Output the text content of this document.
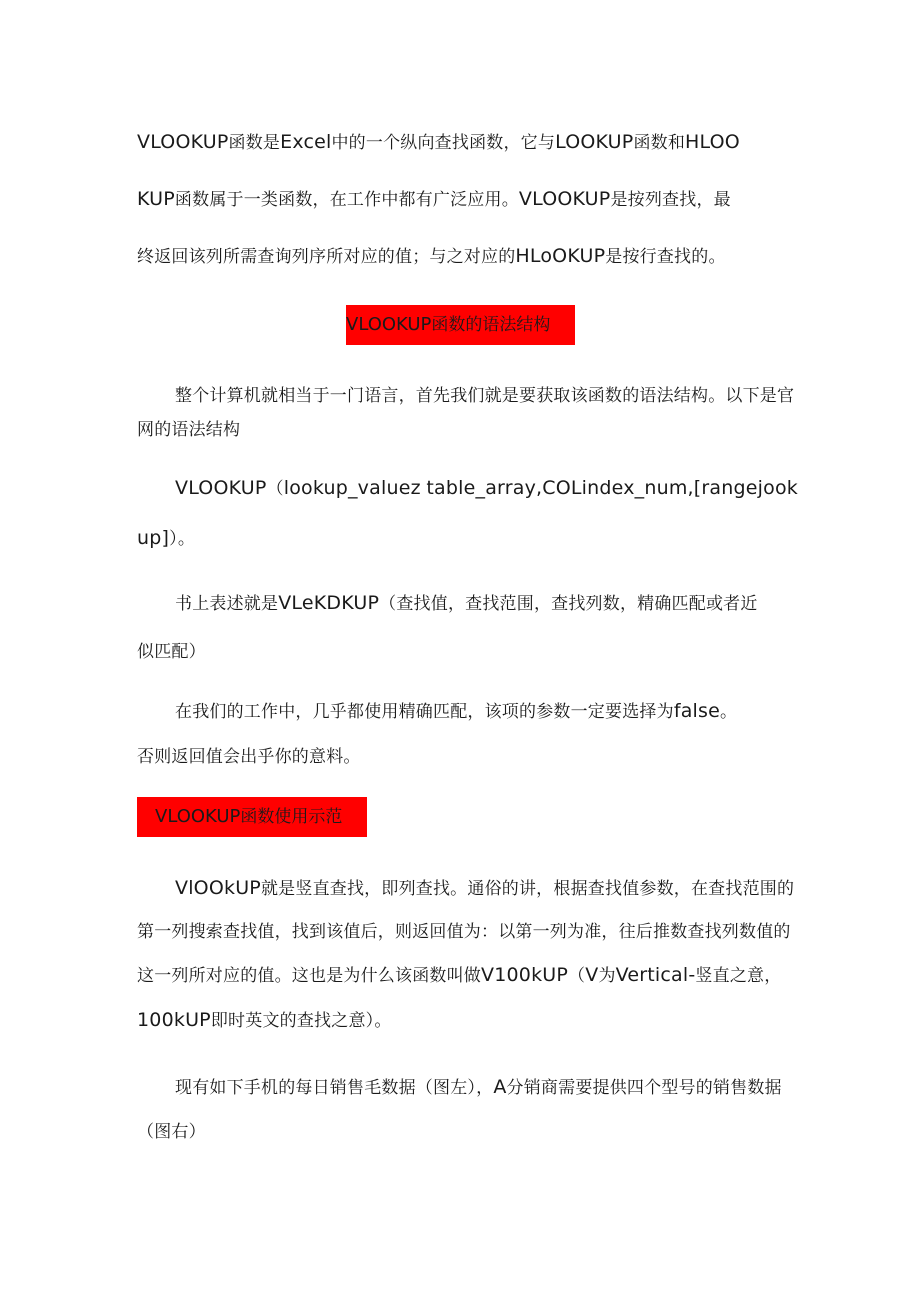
VLOOKUP函数是Excel中的一个纵向查找函数，它与LOOKUP函数和HLOO
KUP函数属于一类函数，在工作中都有广泛应用。VLOOKUP是按列查找，最
终返回该列所需查询列序所对应的值；与之对应的HLoOKUP是按行查找的。
VLOOKUP函数的语法结构
整个计算机就相当于一门语言，首先我们就是要获取该函数的语法结构。以下是官
网的语法结构
VLOOKUP（lookup_valuez table_array,COLindex_num,[rangejook
up]）。
书上表述就是VLeKDKUP（查找值，查找范围，查找列数，精确匹配或者近
似匹配）
在我们的工作中，几乎都使用精确匹配，该项的参数一定要选择为false。
否则返回值会出乎你的意料。
VLOOKUP函数使用示范
VlOOkUP就是竖直查找，即列查找。通俗的讲，根据查找值参数，在查找范围的
第一列搜索查找值，找到该值后，则返回值为：以第一列为准，往后推数查找列数值的
这一列所对应的值。这也是为什么该函数叫做V100kUP（V为Vertical-竖直之意，
100kUP即时英文的查找之意）。
现有如下手机的每日销售毛数据（图左），A分销商需要提供四个型号的销售数据
（图右）
